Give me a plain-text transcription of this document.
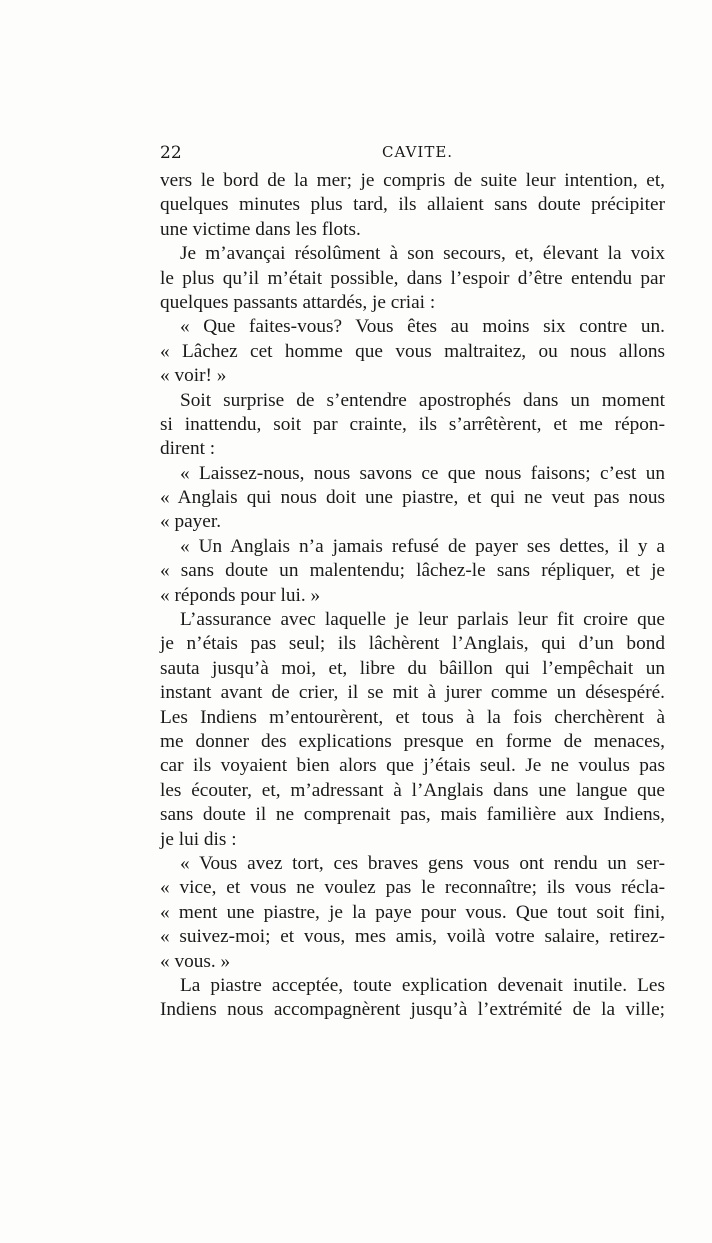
22	CAVITE.
vers le bord de la mer; je compris de suite leur intention, et,
quelques minutes plus tard, ils allaient sans doute précipiter
une victime dans les flots.
Je m’avançai résolûment à son secours, et, élevant la voix
le plus qu’il m’était possible, dans l’espoir d’être entendu par
quelques passants attardés, je criai :
« Que faites-vous? Vous êtes au moins six contre un.
« Lâchez cet homme que vous maltraitez, ou nous allons
« voir! »
Soit surprise de s’entendre apostrophés dans un moment
si inattendu, soit par crainte, ils s’arrêtèrent, et me répon-
dirent :
« Laissez-nous, nous savons ce que nous faisons; c’est un
« Anglais qui nous doit une piastre, et qui ne veut pas nous
« payer.
« Un Anglais n’a jamais refusé de payer ses dettes, il y a
« sans doute un malentendu; lâchez-le sans répliquer, et je
« réponds pour lui. »
L’assurance avec laquelle je leur parlais leur fit croire que
je n’étais pas seul; ils lâchèrent l’Anglais, qui d’un bond
sauta jusqu’à moi, et, libre du bâillon qui l’empêchait un
instant avant de crier, il se mit à jurer comme un désespéré.
Les Indiens m’entourèrent, et tous à la fois cherchèrent à
me donner des explications presque en forme de menaces,
car ils voyaient bien alors que j’étais seul. Je ne voulus pas
les écouter, et, m’adressant à l’Anglais dans une langue que
sans doute il ne comprenait pas, mais familière aux Indiens,
je lui dis :
« Vous avez tort, ces braves gens vous ont rendu un ser-
« vice, et vous ne voulez pas le reconnaître; ils vous récla-
« ment une piastre, je la paye pour vous. Que tout soit fini,
« suivez-moi; et vous, mes amis, voilà votre salaire, retirez-
« vous. »
La piastre acceptée, toute explication devenait inutile. Les
Indiens nous accompagnèrent jusqu’à l’extrémité de la ville;
